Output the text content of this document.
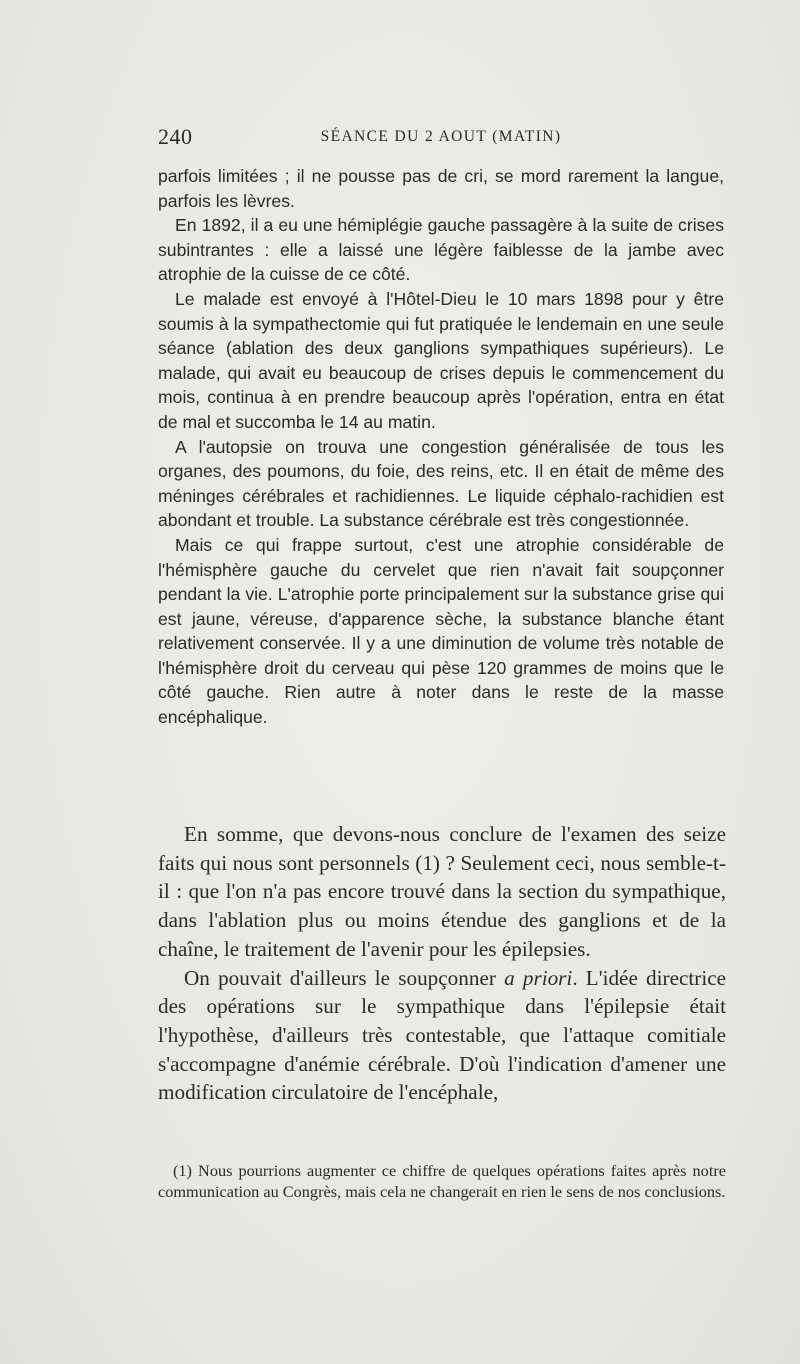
240	SÉANCE DU 2 AOUT (MATIN)

parfois limitées ; il ne pousse pas de cri, se mord rarement la langue, parfois les lèvres.

En 1892, il a eu une hémiplégie gauche passagère à la suite de crises subintrantes : elle a laissé une légère faiblesse de la jambe avec atrophie de la cuisse de ce côté.

Le malade est envoyé à l'Hôtel-Dieu le 10 mars 1898 pour y être soumis à la sympathectomie qui fut pratiquée le lendemain en une seule séance (ablation des deux ganglions sympathiques supérieurs). Le malade, qui avait eu beaucoup de crises depuis le commencement du mois, continua à en prendre beaucoup après l'opération, entra en état de mal et succomba le 14 au matin.

A l'autopsie on trouva une congestion généralisée de tous les organes, des poumons, du foie, des reins, etc. Il en était de même des méninges cérébrales et rachidiennes. Le liquide céphalo-rachidien est abondant et trouble. La substance cérébrale est très congestionnée.

Mais ce qui frappe surtout, c'est une atrophie considérable de l'hémisphère gauche du cervelet que rien n'avait fait soupçonner pendant la vie. L'atrophie porte principalement sur la substance grise qui est jaune, véreuse, d'apparence sèche, la substance blanche étant relativement conservée. Il y a une diminution de volume très notable de l'hémisphère droit du cerveau qui pèse 120 grammes de moins que le côté gauche. Rien autre à noter dans le reste de la masse encéphalique.

En somme, que devons-nous conclure de l'examen des seize faits qui nous sont personnels (1) ? Seulement ceci, nous semble-t-il : que l'on n'a pas encore trouvé dans la section du sympathique, dans l'ablation plus ou moins étendue des ganglions et de la chaîne, le traitement de l'avenir pour les épilepsies.

On pouvait d'ailleurs le soupçonner a priori. L'idée directrice des opérations sur le sympathique dans l'épilepsie était l'hypothèse, d'ailleurs très contestable, que l'attaque comitiale s'accompagne d'anémie cérébrale. D'où l'indication d'amener une modification circulatoire de l'encéphale,

(1) Nous pourrions augmenter ce chiffre de quelques opérations faites après notre communication au Congrès, mais cela ne changerait en rien le sens de nos conclusions.
